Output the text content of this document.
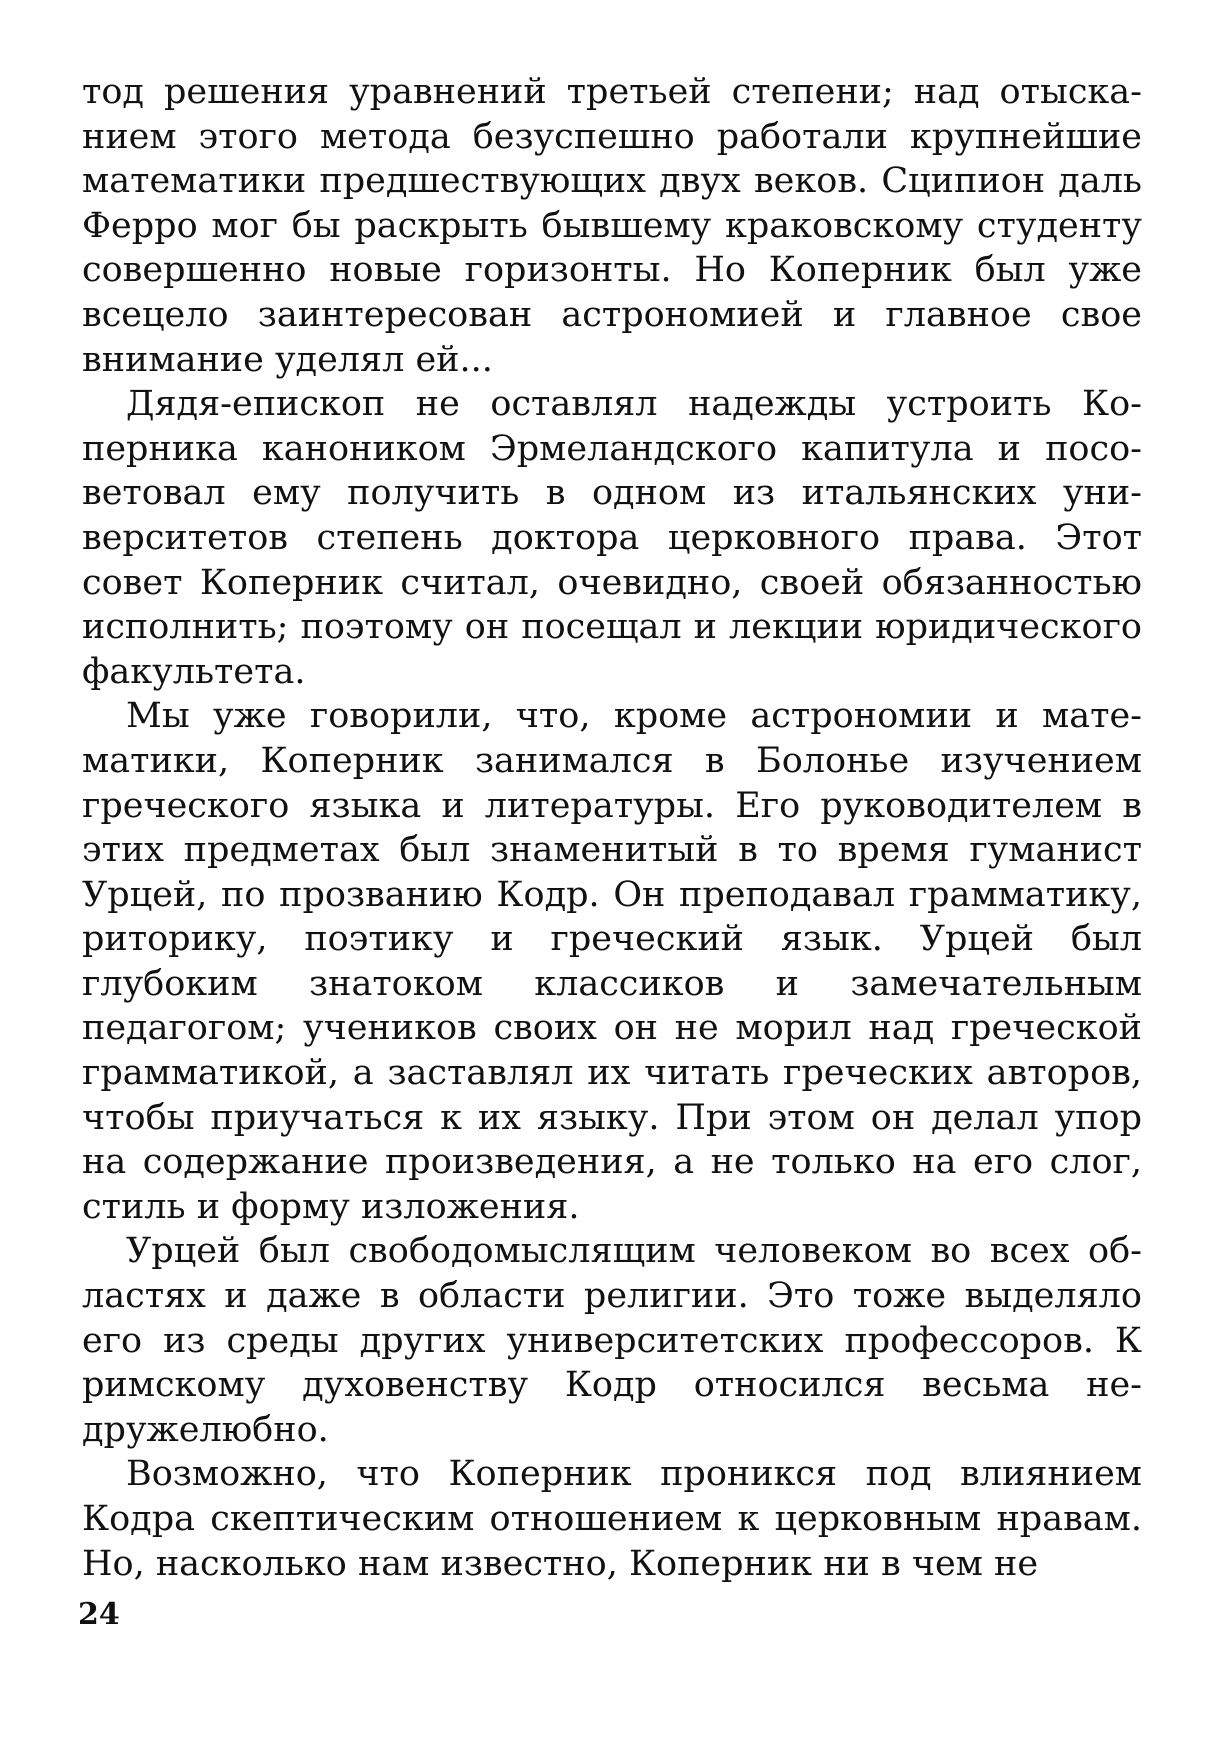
тод решения уравнений третьей степени; над отысканием этого метода безуспешно работали крупнейшие математики предшествующих двух веков. Сципион даль Ферро мог бы раскрыть бывшему краковскому студенту совершенно новые горизонты. Но Коперник был уже всецело заинтересован астрономией и главное свое внимание уделял ей...

Дядя-епископ не оставлял надежды устроить Коперника каноником Эрмеландского капитула и посоветовал ему получить в одном из итальянских университетов степень доктора церковного права. Этот совет Коперник считал, очевидно, своей обязанностью исполнить; поэтому он посещал и лекции юридического факультета.

Мы уже говорили, что, кроме астрономии и математики, Коперник занимался в Болонье изучением греческого языка и литературы. Его руководителем в этих предметах был знаменитый в то время гуманист Урцей, по прозванию Кодр. Он преподавал грамматику, риторику, поэтику и греческий язык. Урцей был глубоким знатоком классиков и замечательным педагогом; учеников своих он не морил над греческой грамматикой, а заставлял их читать греческих авторов, чтобы приучаться к их языку. При этом он делал упор на содержание произведения, а не только на его слог, стиль и форму изложения.

Урцей был свободомыслящим человеком во всех областях и даже в области религии. Это тоже выделяло его из среды других университетских профессоров. К римскому духовенству Кодр относился весьма недружелюбно.

Возможно, что Коперник проникся под влиянием Кодра скептическим отношением к церковным нравам. Но, насколько нам известно, Коперник ни в чем не

24
